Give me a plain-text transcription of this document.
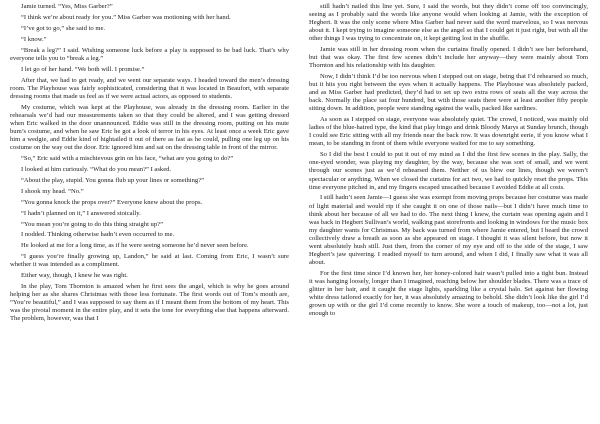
Jamie turned. “Yes, Miss Garber?”

“I think we’re about ready for you.” Miss Garber was motioning with her hand.

“I’ve got to go,” she said to me.

“I know.”

“Break a leg?” I said. Wishing someone luck before a play is supposed to be bad luck. That’s why everyone tells you to “break a leg.”

I let go of her hand. “We both will. I promise.”

After that, we had to get ready, and we went our separate ways. I headed toward the men’s dressing room. The Playhouse was fairly sophisticated, considering that it was located in Beaufort, with separate dressing rooms that made us feel as if we were actual actors, as opposed to students.

My costume, which was kept at the Playhouse, was already in the dressing room. Earlier in the rehearsals we’d had our measurements taken so that they could be altered, and I was getting dressed when Eric walked in the door unannounced. Eddie was still in the dressing room, putting on his mute bum’s costume, and when he saw Eric he got a look of terror in his eyes. At least once a week Eric gave him a wedgie, and Eddie kind of hightailed it out of there as fast as he could, pulling one leg up on his costume on the way out the door. Eric ignored him and sat on the dressing table in front of the mirror.

“So,” Eric said with a mischievous grin on his face, “what are you going to do?”

I looked at him curiously. “What do you mean?” I asked.

“About the play, stupid. You gonna flub up your lines or something?”

I shook my head. “No.”

“You gonna knock the props over?” Everyone knew about the props.

“I hadn’t planned on it,” I answered stoically.

“You mean you’re going to do this thing straight up?”

I nodded. Thinking otherwise hadn’t even occurred to me.

He looked at me for a long time, as if he were seeing someone he’d never seen before.

“I guess you’re finally growing up, Landon,” he said at last. Coming from Eric, I wasn’t sure whether it was intended as a compliment.

Either way, though, I knew he was right.

In the play, Tom Thornton is amazed when he first sees the angel, which is why he goes around helping her as she shares Christmas with those less fortunate. The first words out of Tom’s mouth are, “You’re beautiful,” and I was supposed to say them as if I meant them from the bottom of my heart. This was the pivotal moment in the entire play, and it sets the tone for everything else that happens afterward. The problem, however, was that I

still hadn’t nailed this line yet. Sure, I said the words, but they didn’t come off too convincingly, seeing as I probably said the words like anyone would when looking at Jamie, with the exception of Hegbert. It was the only scene where Miss Garber had never said the word marvelous, so I was nervous about it. I kept trying to imagine someone else as the angel so that I could get it just right, but with all the other things I was trying to concentrate on, it kept getting lost in the shuffle.

Jamie was still in her dressing room when the curtains finally opened. I didn’t see her beforehand, but that was okay. The first few scenes didn’t include her anyway—they were mainly about Tom Thornton and his relationship with his daughter.

Now, I didn’t think I’d be too nervous when I stepped out on stage, being that I’d rehearsed so much, but it hits you right between the eyes when it actually happens. The Playhouse was absolutely packed, and as Miss Garber had predicted, they’d had to set up two extra rows of seats all the way across the back. Normally the place sat four hundred, but with those seats there were at least another fifty people sitting down. In addition, people were standing against the walls, packed like sardines.

As soon as I stepped on stage, everyone was absolutely quiet. The crowd, I noticed, was mainly old ladies of the blue-haired type, the kind that play bingo and drink Bloody Marys at Sunday brunch, though I could see Eric sitting with all my friends near the back row. It was downright eerie, if you know what I mean, to be standing in front of them while everyone waited for me to say something.

So I did the best I could to put it out of my mind as I did the first few scenes in the play. Sally, the one-eyed wonder, was playing my daughter, by the way, because she was sort of small, and we went through our scenes just as we’d rehearsed them. Neither of us blew our lines, though we weren’t spectacular or anything. When we closed the curtains for act two, we had to quickly reset the props. This time everyone pitched in, and my fingers escaped unscathed because I avoided Eddie at all costs.

I still hadn’t seen Jamie—I guess she was exempt from moving props because her costume was made of light material and would rip if she caught it on one of those nails—but I didn’t have much time to think about her because of all we had to do. The next thing I knew, the curtain was opening again and I was back in Hegbert Sullivan’s world, walking past storefronts and looking in windows for the music box my daughter wants for Christmas. My back was turned from where Jamie entered, but I heard the crowd collectively draw a breath as soon as she appeared on stage. I thought it was silent before, but now it went absolutely hush still. Just then, from the corner of my eye and off to the side of the stage, I saw Hegbert’s jaw quivering. I readied myself to turn around, and when I did, I finally saw what it was all about.

For the first time since I’d known her, her honey-colored hair wasn’t pulled into a tight bun. Instead it was hanging loosely, longer than I imagined, reaching below her shoulder blades. There was a trace of glitter in her hair, and it caught the stage lights, sparkling like a crystal halo. Set against her flowing white dress tailored exactly for her, it was absolutely amazing to behold. She didn’t look like the girl I’d grown up with or the girl I’d come recently to know. She wore a touch of makeup, too—not a lot, just enough to
